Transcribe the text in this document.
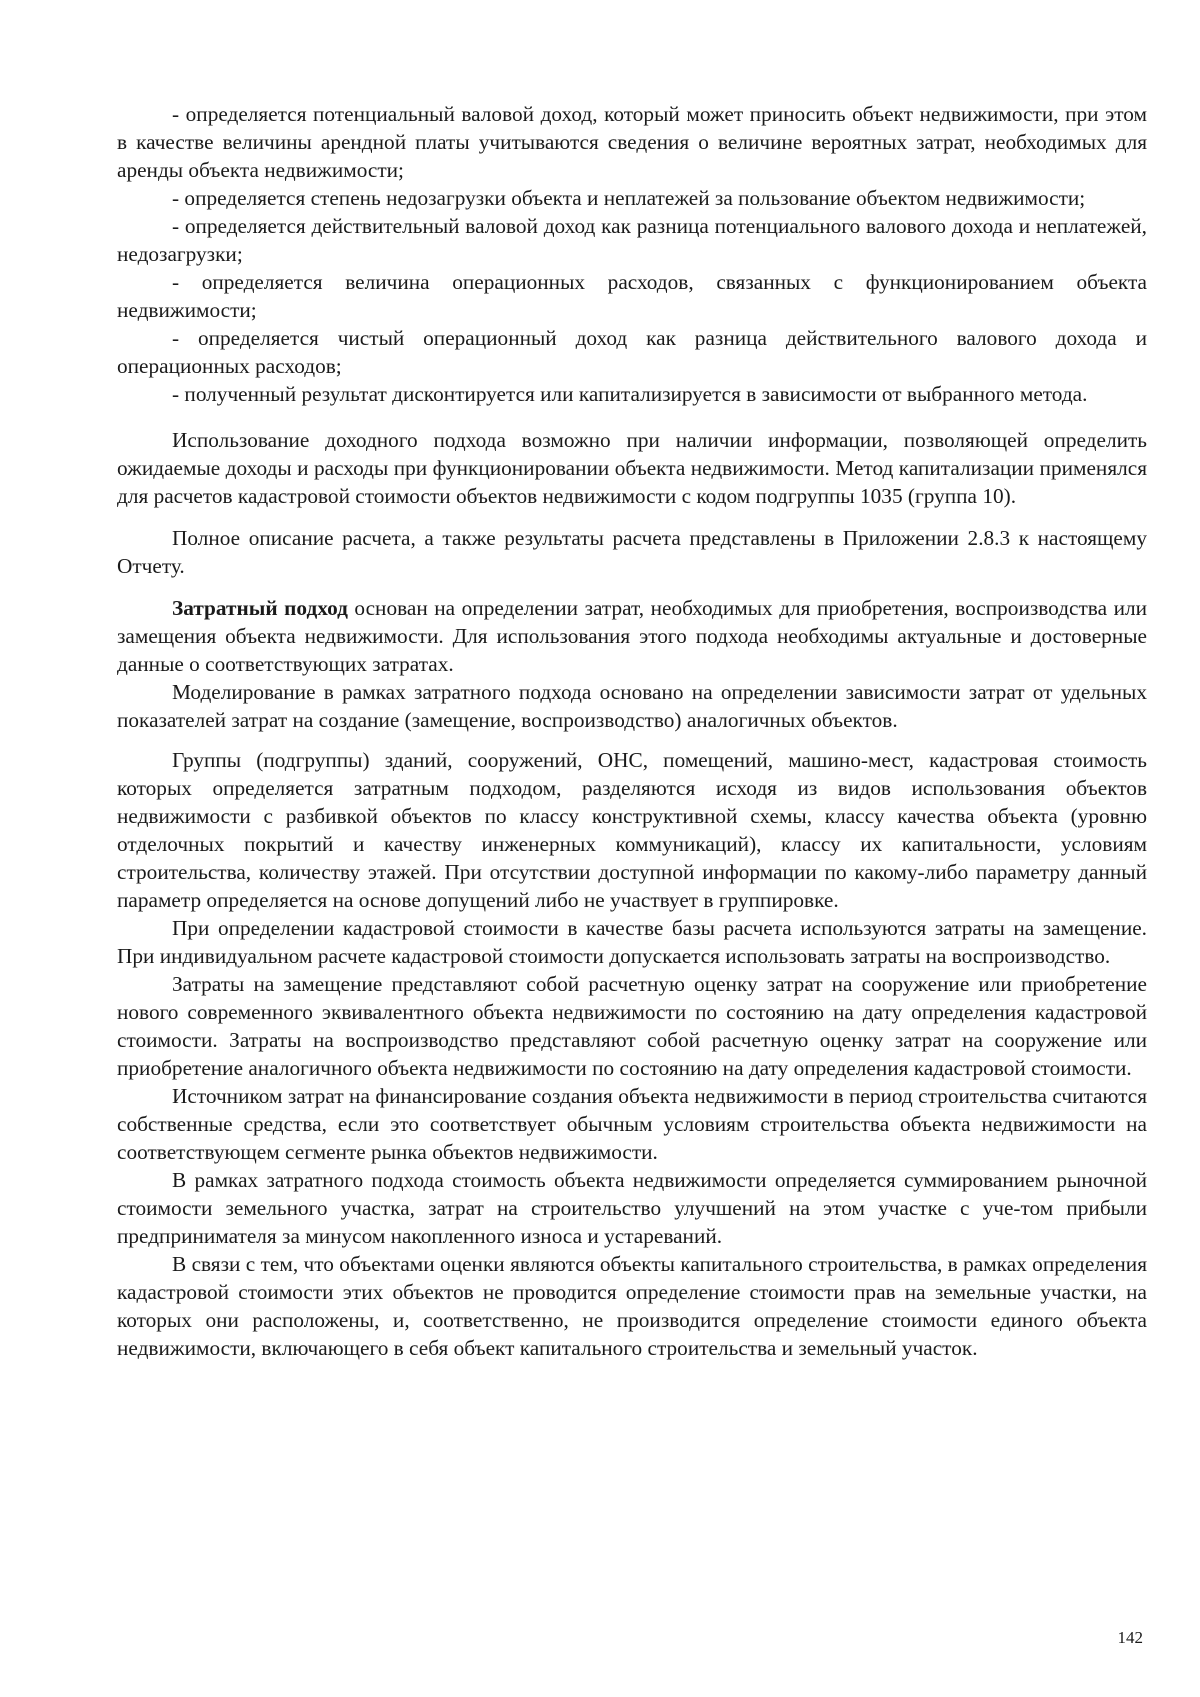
- определяется потенциальный валовой доход, который может приносить объект недвижимости, при этом в качестве величины арендной платы учитываются сведения о величине вероятных затрат, необходимых для аренды объекта недвижимости;

- определяется степень недозагрузки объекта и неплатежей за пользование объектом недвижимости;

- определяется действительный валовой доход как разница потенциального валового дохода и неплатежей, недозагрузки;

- определяется величина операционных расходов, связанных с функционированием объекта недвижимости;

- определяется чистый операционный доход как разница действительного валового дохода и операционных расходов;

- полученный результат дисконтируется или капитализируется в зависимости от выбранного метода.

Использование доходного подхода возможно при наличии информации, позволяющей определить ожидаемые доходы и расходы при функционировании объекта недвижимости. Метод капитализации применялся для расчетов кадастровой стоимости объектов недвижимости с кодом подгруппы 1035 (группа 10).

Полное описание расчета, а также результаты расчета представлены в Приложении 2.8.3 к настоящему Отчету.

Затратный подход основан на определении затрат, необходимых для приобретения, воспроизводства или замещения объекта недвижимости. Для использования этого подхода необходимы актуальные и достоверные данные о соответствующих затратах.

Моделирование в рамках затратного подхода основано на определении зависимости затрат от удельных показателей затрат на создание (замещение, воспроизводство) аналогичных объектов.

Группы (подгруппы) зданий, сооружений, ОНС, помещений, машино-мест, кадастровая стоимость которых определяется затратным подходом, разделяются исходя из видов использования объектов недвижимости с разбивкой объектов по классу конструктивной схемы, классу качества объекта (уровню отделочных покрытий и качеству инженерных коммуникаций), классу их капитальности, условиям строительства, количеству этажей. При отсутствии доступной информации по какому-либо параметру данный параметр определяется на основе допущений либо не участвует в группировке.

При определении кадастровой стоимости в качестве базы расчета используются затраты на замещение. При индивидуальном расчете кадастровой стоимости допускается использовать затраты на воспроизводство.

Затраты на замещение представляют собой расчетную оценку затрат на сооружение или приобретение нового современного эквивалентного объекта недвижимости по состоянию на дату определения кадастровой стоимости. Затраты на воспроизводство представляют собой расчетную оценку затрат на сооружение или приобретение аналогичного объекта недвижимости по состоянию на дату определения кадастровой стоимости.

Источником затрат на финансирование создания объекта недвижимости в период строительства считаются собственные средства, если это соответствует обычным условиям строительства объекта недвижимости на соответствующем сегменте рынка объектов недвижимости.

В рамках затратного подхода стоимость объекта недвижимости определяется суммированием рыночной стоимости земельного участка, затрат на строительство улучшений на этом участке с уче-том прибыли предпринимателя за минусом накопленного износа и устареваний.

В связи с тем, что объектами оценки являются объекты капитального строительства, в рамках определения кадастровой стоимости этих объектов не проводится определение стоимости прав на земельные участки, на которых они расположены, и, соответственно, не производится определение стоимости единого объекта недвижимости, включающего в себя объект капитального строительства и земельный участок.

142
